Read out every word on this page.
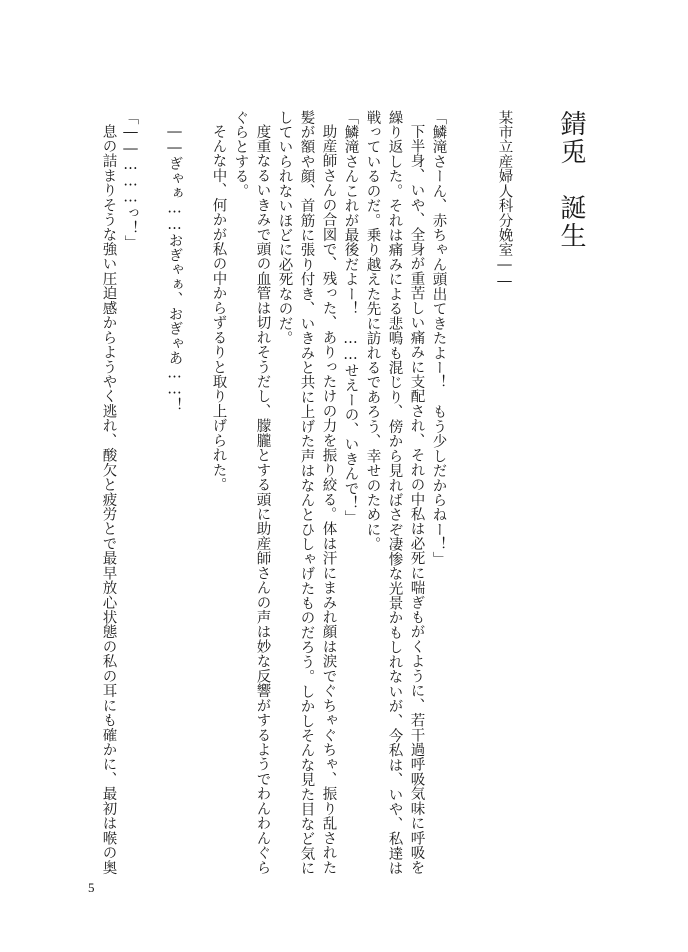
錆兎　誕生
某市立産婦人科分娩室――
「鱗滝さーん、赤ちゃん頭出てきたよー！　もう少しだからねー！」
下半身、いや、全身が重苦しい痛みに支配され、それの中私は必死に喘ぎもがくように、若干過呼吸気味に呼吸を
繰り返した。それは痛みによる悲鳴も混じり、傍から見ればさぞ凄惨な光景かもしれないが、今私は、いや、私達は
戦っているのだ。乗り越えた先に訪れるであろう、幸せのために。
「鱗滝さんこれが最後だよー！　……せえーの、いきんで！」
助産師さんの合図で、残った、ありったけの力を振り絞る。体は汗にまみれ顔は涙でぐちゃぐちゃ、振り乱された
髪が額や顔、首筋に張り付き、いきみと共に上げた声はなんとひしゃげたものだろう。しかしそんな見た目など気に
していられないほどに必死なのだ。
度重なるいきみで頭の血管は切れそうだし、朦朧とする頭に助産師さんの声は妙な反響がするようでわんわんぐら
ぐらとする。
そんな中、何かが私の中からずるりと取り上げられた。
――ぎゃぁ……おぎゃぁ、おぎゃあ……！
「――………っ！」
息の詰まりそうな強い圧迫感からようやく逃れ、酸欠と疲労とで最早放心状態の私の耳にも確かに、最初は喉の奥
5
